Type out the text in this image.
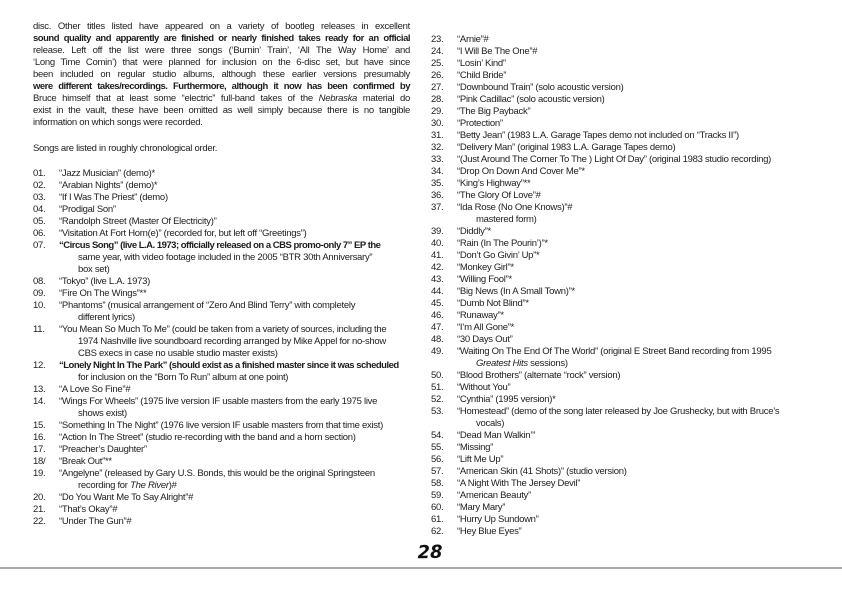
disc. Other titles listed have appeared on a variety of bootleg releases in excellent
sound quality and apparently are finished or nearly finished takes ready for an official
release. Left off the list were three songs (‘Burnin’ Train’, ‘All The Way Home’ and
‘Long Time Comin’) that were planned for inclusion on the 6-disc set, but have since
been included on regular studio albums, although these earlier versions presumably
were different takes/recordings. Furthermore, although it now has been confirmed by
Bruce himself that at least some “electric” full-band takes of the Nebraska material do
exist in the vault, these have been omitted as well simply because there is no tangible
information on which songs were recorded.
Songs are listed in roughly chronological order.
01.	“Jazz Musician” (demo)*
02.	“Arabian Nights” (demo)*
03.	“If I Was The Priest” (demo)
04.	“Prodigal Son”
05.	“Randolph Street (Master Of Electricity)”
06.	“Visitation At Fort Horn(e)” (recorded for, but left off “Greetings”)
07.	“Circus Song” (live L.A. 1973; officially released on a CBS promo-only 7” EP the
same year, with video footage included in the 2005 “BTR 30th Anniversary”
box set)
08.	“Tokyo” (live L.A. 1973)
09.	“Fire On The Wings”**
10.	“Phantoms” (musical arrangement of “Zero And Blind Terry” with completely
different lyrics)
11.	“You Mean So Much To Me” (could be taken from a variety of sources, including the
1974 Nashville live soundboard recording arranged by Mike Appel for no-show
CBS execs in case no usable studio master exists)
12.	“Lonely Night In The Park” (should exist as a finished master since it was scheduled
for inclusion on the “Born To Run” album at one point)
13.	“A Love So Fine”#
14.	“Wings For Wheels” (1975 live version IF usable masters from the early 1975 live
shows exist)
15.	“Something In The Night” (1976 live version IF usable masters from that time exist)
16.	“Action In The Street” (studio re-recording with the band and a horn section)
17.	“Preacher’s Daughter”
18/	“Break Out”**
19.	“Angelyne” (released by Gary U.S. Bonds, this would be the original Springsteen
recording for The River)#
20.	“Do You Want Me To Say Alright”#
21.	“That’s Okay”#
22.	“Under The Gun”#
23.	“Arnie”#
24.	“I Will Be The One”#
25.	“Losin’ Kind”
26.	“Child Bride”
27.	“Downbound Train” (solo acoustic version)
28.	“Pink Cadillac” (solo acoustic version)
29.	“The Big Payback”
30.	“Protection”
31.	“Betty Jean” (1983 L.A. Garage Tapes demo not included on “Tracks II”)
32.	“Delivery Man” (original 1983 L.A. Garage Tapes demo)
33.	“(Just Around The Corner To The ) Light Of Day” (original 1983 studio recording)
34.	“Drop On Down And Cover Me”*
35.	“King’s Highway”**
36.	“The Glory Of Love”#
37.	“Ida Rose (No One Knows)”#
mastered form)
39.	“Diddly”*
40.	“Rain (In The Pourin’)”*
41.	“Don’t Go Givin’ Up”*
42.	“Monkey Girl”*
43.	“Willing Fool”*
44.	“Big News (In A Small Town)”*
45.	“Dumb Not Blind”*
46.	“Runaway”*
47.	“I’m All Gone”*
48.	“30 Days Out”
49.	“Waiting On The End Of The World” (original E Street Band recording from 1995
Greatest Hits sessions)
50.	“Blood Brothers” (alternate “rock” version)
51.	“Without You”
52.	“Cynthia” (1995 version)*
53.	“Homestead” (demo of the song later released by Joe Grushecky, but with Bruce’s
vocals)
54.	“Dead Man Walkin’”
55.	“Missing”
56.	“Lift Me Up”
57.	“American Skin (41 Shots)” (studio version)
58.	“A Night With The Jersey Devil”
59.	“American Beauty”
60.	“Mary Mary”
61.	“Hurry Up Sundown”
62.	“Hey Blue Eyes”
28
